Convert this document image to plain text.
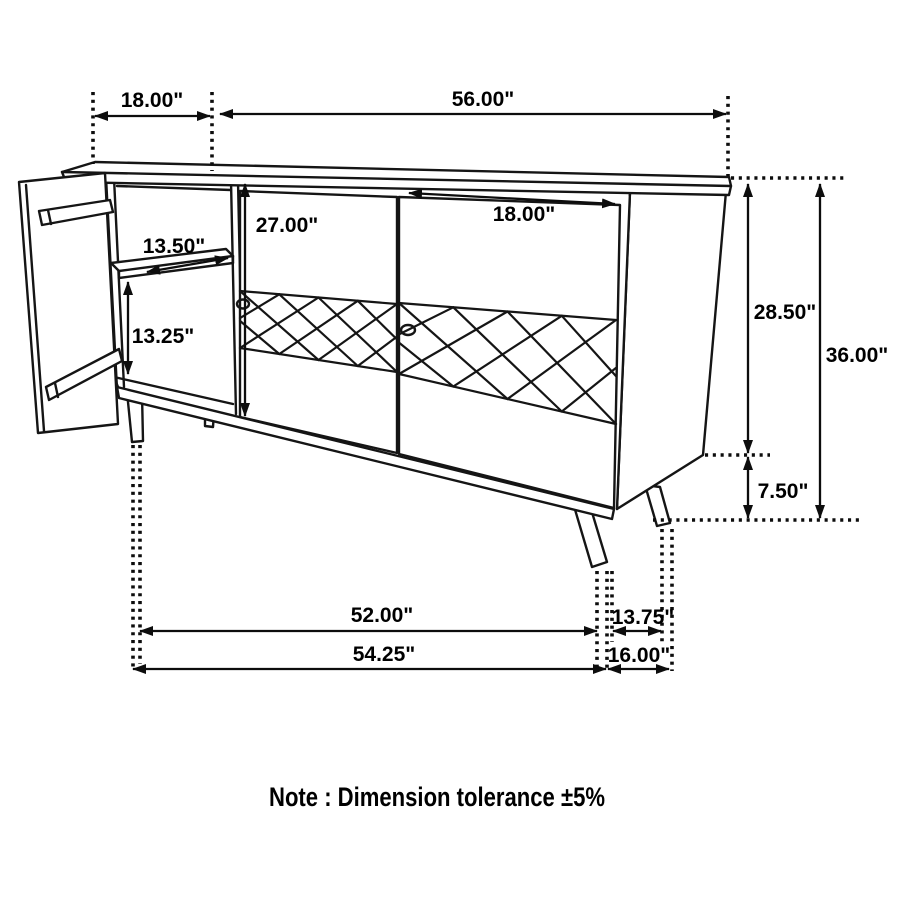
18.00"	56.00"
18.00"
27.00"
13.50"
13.25"
28.50"
7.50"
36.00"
52.00"	13.75"
54.25"	16.00"
Note : Dimension tolerance ±5%
